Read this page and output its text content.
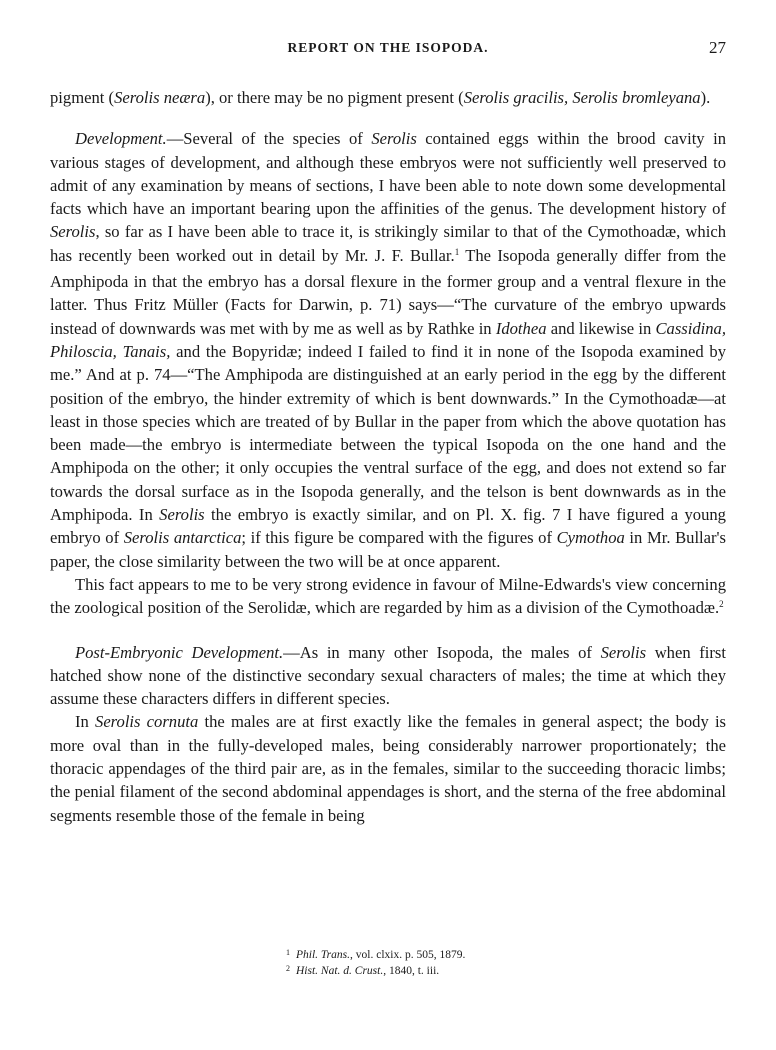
REPORT ON THE ISOPODA.	27

pigment (Serolis neæra), or there may be no pigment present (Serolis gracilis, Serolis bromleyana).

Development.—Several of the species of Serolis contained eggs within the brood cavity in various stages of development, and although these embryos were not sufficiently well preserved to admit of any examination by means of sections, I have been able to note down some developmental facts which have an important bearing upon the affinities of the genus. The development history of Serolis, so far as I have been able to trace it, is strikingly similar to that of the Cymothoadæ, which has recently been worked out in detail by Mr. J. F. Bullar.$^1$ The Isopoda generally differ from the Amphipoda in that the embryo has a dorsal flexure in the former group and a ventral flexure in the latter. Thus Fritz Müller (Facts for Darwin, p. 71) says—“The curvature of the embryo upwards instead of downwards was met with by me as well as by Rathke in Idothea and likewise in Cassidina, Philoscia, Tanais, and the Bopyridæ; indeed I failed to find it in none of the Isopoda examined by me.” And at p. 74—“The Amphipoda are distinguished at an early period in the egg by the different position of the embryo, the hinder extremity of which is bent downwards.” In the Cymothoadæ—at least in those species which are treated of by Bullar in the paper from which the above quotation has been made—the embryo is intermediate between the typical Isopoda on the one hand and the Amphipoda on the other; it only occupies the ventral surface of the egg, and does not extend so far towards the dorsal surface as in the Isopoda generally, and the telson is bent downwards as in the Amphipoda. In Serolis the embryo is exactly similar, and on Pl. X. fig. 7 I have figured a young embryo of Serolis antarctica; if this figure be compared with the figures of Cymothoa in Mr. Bullar's paper, the close similarity between the two will be at once apparent.

This fact appears to me to be very strong evidence in favour of Milne-Edwards's view concerning the zoological position of the Serolidæ, which are regarded by him as a division of the Cymothoadæ.$^2$

Post-Embryonic Development.—As in many other Isopoda, the males of Serolis when first hatched show none of the distinctive secondary sexual characters of males; the time at which they assume these characters differs in different species.

In Serolis cornuta the males are at first exactly like the females in general aspect; the body is more oval than in the fully-developed males, being considerably narrower proportionately; the thoracic appendages of the third pair are, as in the females, similar to the succeeding thoracic limbs; the penial filament of the second abdominal appendages is short, and the sterna of the free abdominal segments resemble those of the female in being

1 Phil. Trans., vol. clxix. p. 505, 1879.
2 Hist. Nat. d. Crust., 1840, t. iii.
